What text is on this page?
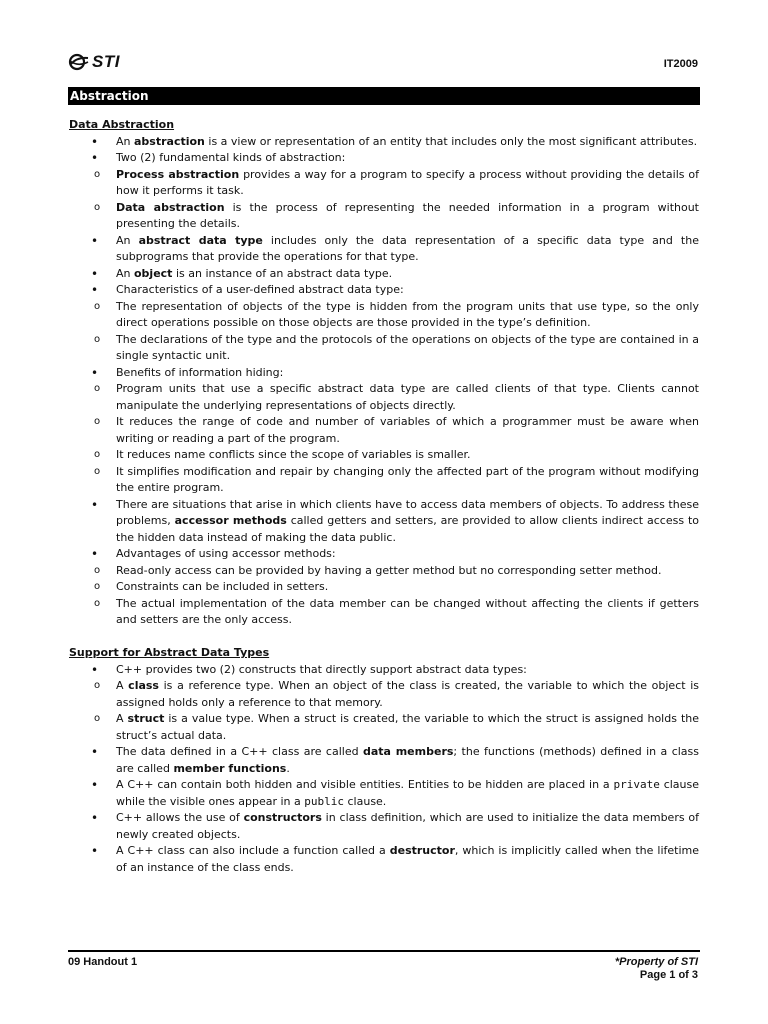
STI	IT2009
Abstraction

Data Abstraction

• An abstraction is a view or representation of an entity that includes only the most significant attributes.
• Two (2) fundamental kinds of abstraction:
o Process abstraction provides a way for a program to specify a process without providing the details of how it performs it task.
o Data abstraction is the process of representing the needed information in a program without presenting the details.
• An abstract data type includes only the data representation of a specific data type and the subprograms that provide the operations for that type.
• An object is an instance of an abstract data type.
• Characteristics of a user-defined abstract data type:
o The representation of objects of the type is hidden from the program units that use type, so the only direct operations possible on those objects are those provided in the type’s definition.
o The declarations of the type and the protocols of the operations on objects of the type are contained in a single syntactic unit.
• Benefits of information hiding:
o Program units that use a specific abstract data type are called clients of that type. Clients cannot manipulate the underlying representations of objects directly.
o It reduces the range of code and number of variables of which a programmer must be aware when writing or reading a part of the program.
o It reduces name conflicts since the scope of variables is smaller.
o It simplifies modification and repair by changing only the affected part of the program without modifying the entire program.
• There are situations that arise in which clients have to access data members of objects. To address these problems, accessor methods called getters and setters, are provided to allow clients indirect access to the hidden data instead of making the data public.
• Advantages of using accessor methods:
o Read-only access can be provided by having a getter method but no corresponding setter method.
o Constraints can be included in setters.
o The actual implementation of the data member can be changed without affecting the clients if getters and setters are the only access.

Support for Abstract Data Types

• C++ provides two (2) constructs that directly support abstract data types:
o A class is a reference type. When an object of the class is created, the variable to which the object is assigned holds only a reference to that memory.
o A struct is a value type. When a struct is created, the variable to which the struct is assigned holds the struct’s actual data.
• The data defined in a C++ class are called data members; the functions (methods) defined in a class are called member functions.
• A C++ can contain both hidden and visible entities. Entities to be hidden are placed in a private clause while the visible ones appear in a public clause.
• C++ allows the use of constructors in class definition, which are used to initialize the data members of newly created objects.
• A C++ class can also include a function called a destructor, which is implicitly called when the lifetime of an instance of the class ends.
09 Handout 1	*Property of STI
Page 1 of 3
